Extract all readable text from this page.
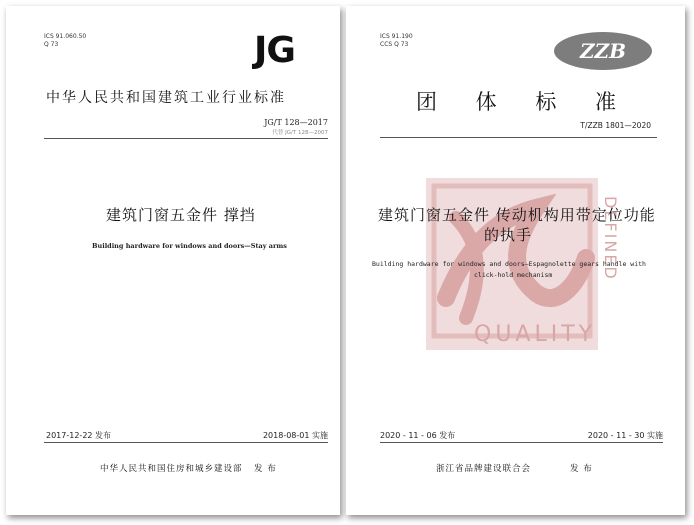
ICS 91.060.50

Q 73	JG

中华人民共和国建筑工业行业标准

JG/T 128—2017

代替 JG/T 128—2007

建筑门窗五金件 撑挡

Building hardware for windows and doors—Stay arms

2017-12-22 发布	2018-08-01 实施

中华人民共和国住房和城乡建设部 发 布

DEFINED
QUALITY

ICS 91.190

CCS Q 73	ZZB

团 体 标 准

T/ZZB 1801—2020

建筑门窗五金件 传动机构用带定位功能

的执手

Building hardware for windows and doors—Espagnolette gears handle with

click-hold mechanism

2020 - 11 - 06 发布	2020 - 11 - 30 实施

浙江省品牌建设联合会	发 布
